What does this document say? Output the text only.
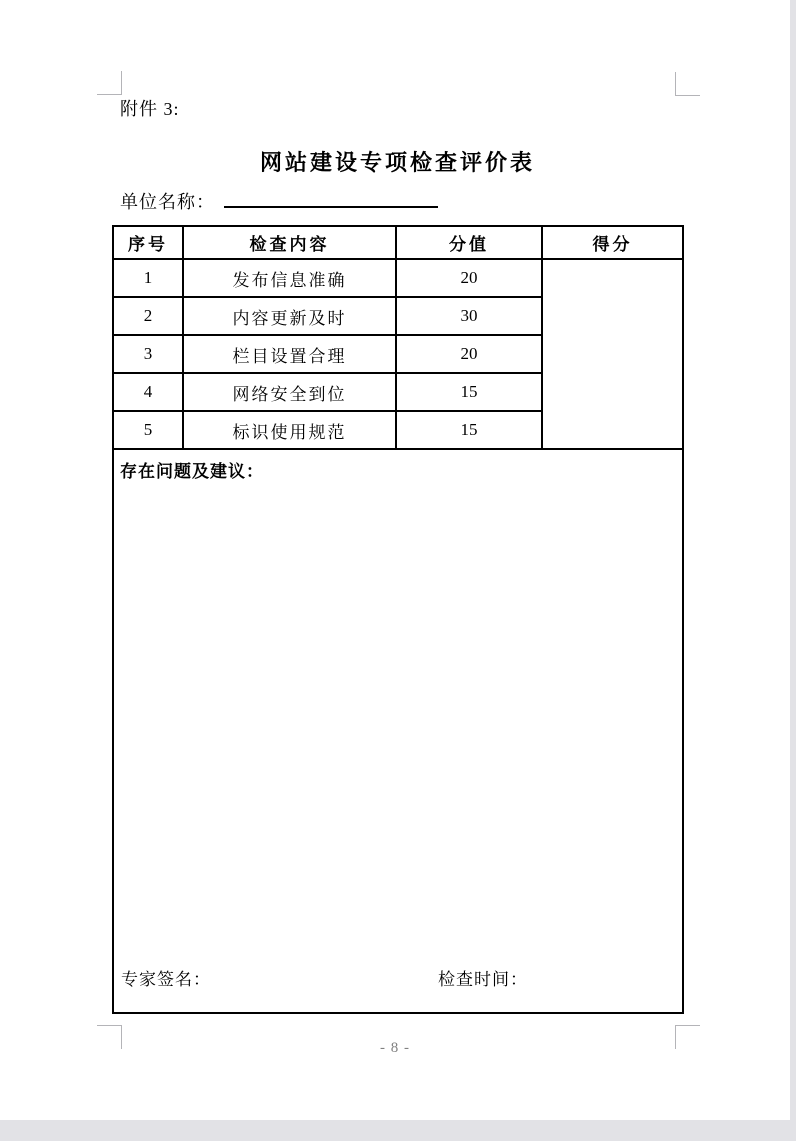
附件 3:
网站建设专项检查评价表
单位名称：
序号	检查内容	分值	得分
1	发布信息准确	20	
2	内容更新及时	30	
3	栏目设置合理	20	
4	网络安全到位	15	
5	标识使用规范	15	

存在问题及建议：
专家签名： 检查时间：			
- 8 -
